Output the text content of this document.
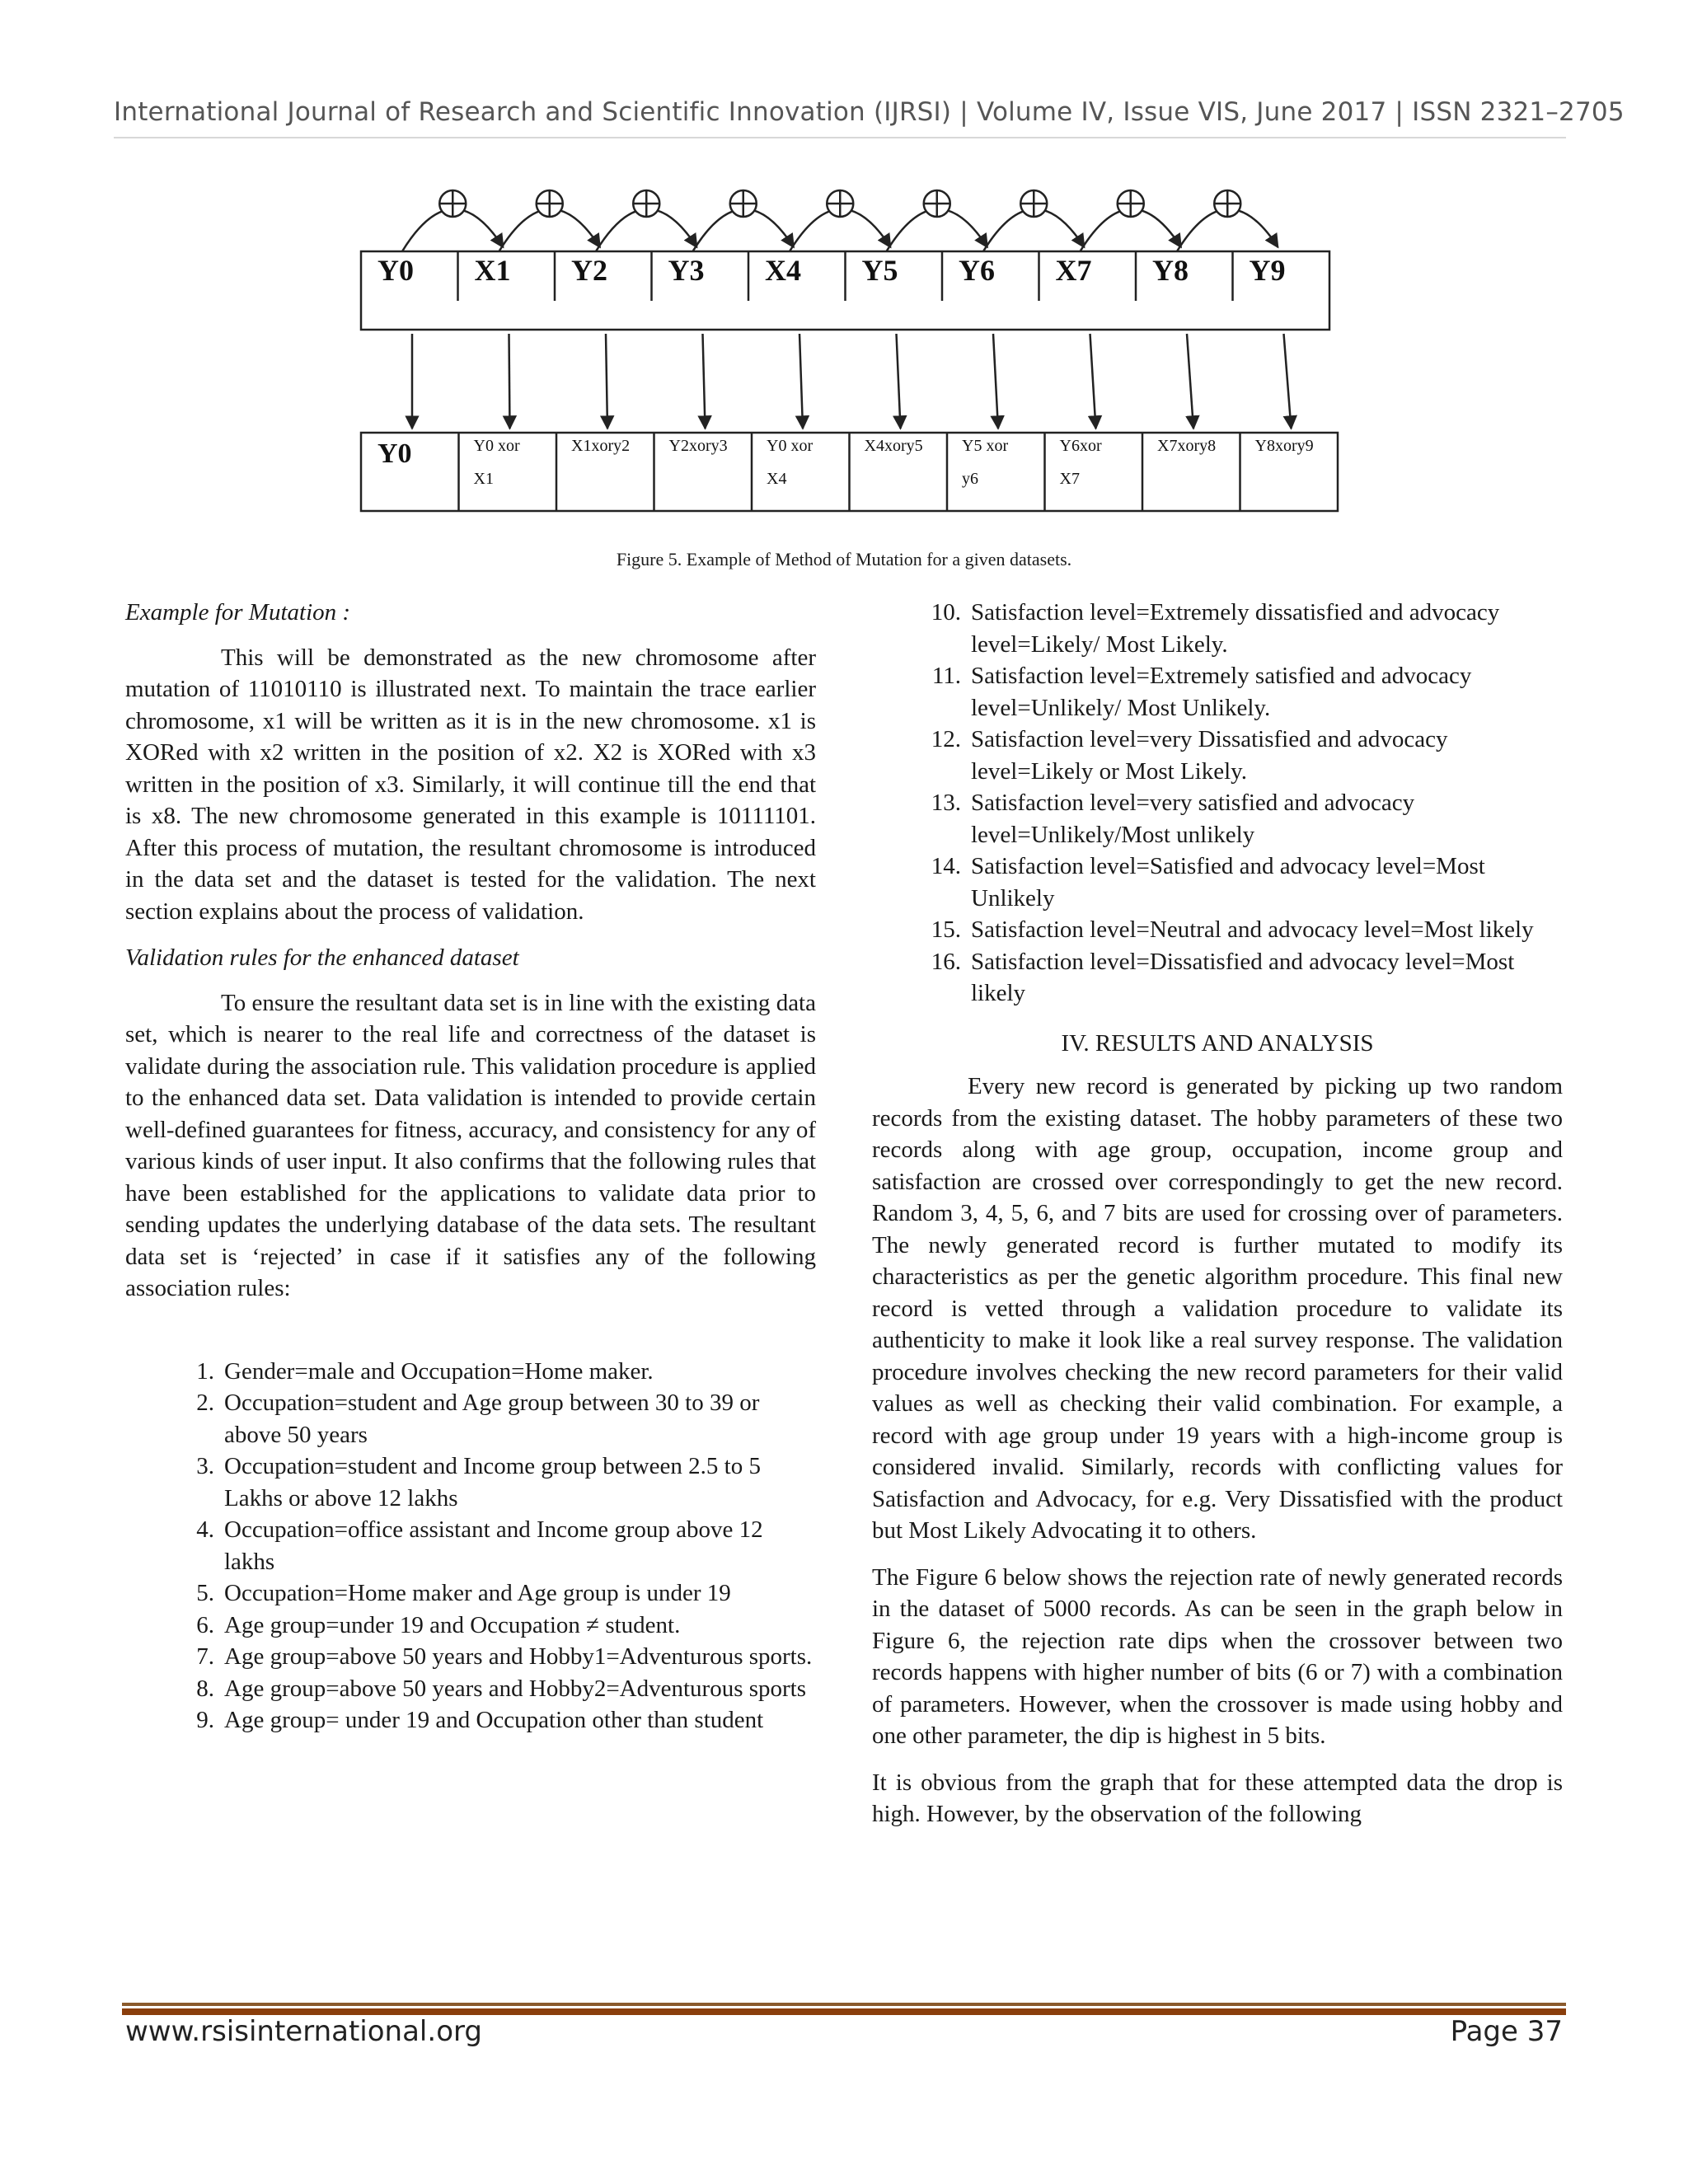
International Journal of Research and Scientific Innovation (IJRSI) | Volume IV, Issue VIS, June 2017 | ISSN 2321–2705
Y0 X1 Y2 Y3 X4 Y5 Y6 X7 Y8 Y9
Y0	Y0 xor
X1
X1xory2 Y2xory3 Y0 xor
X4
X4xory5 Y5 xor
y6
Y6xor
X7
X7xory8 Y8xory9
Figure 5. Example of Method of Mutation for a given datasets.

Example for Mutation :

This will be demonstrated as the new chromosome after mutation of 11010110 is illustrated next. To maintain the trace earlier chromosome, x1 will be written as it is in the new chromosome. x1 is XORed with x2 written in the position of x2. X2 is XORed with x3 written in the position of x3. Similarly, it will continue till the end that is x8. The new chromosome generated in this example is 10111101. After this process of mutation, the resultant chromosome is introduced in the data set and the dataset is tested for the validation. The next section explains about the process of validation.

Validation rules for the enhanced dataset

To ensure the resultant data set is in line with the existing data set, which is nearer to the real life and correctness of the dataset is validate during the association rule. This validation procedure is applied to the enhanced data set. Data validation is intended to provide certain well-defined guarantees for fitness, accuracy, and consistency for any of various kinds of user input. It also confirms that the following rules that have been established for the applications to validate data prior to sending updates the underlying database of the data sets. The resultant data set is ‘rejected’ in case if it satisfies any of the following association rules:

1. Gender=male and Occupation=Home maker.
2. Occupation=student and Age group between 30 to 39 or above 50 years
3. Occupation=student and Income group between 2.5 to 5 Lakhs or above 12 lakhs
4. Occupation=office assistant and Income group above 12 lakhs
5. Occupation=Home maker and Age group is under 19
6. Age group=under 19 and Occupation ≠ student.
7. Age group=above 50 years and Hobby1=Adventurous sports.
8. Age group=above 50 years and Hobby2=Adventurous sports
9. Age group= under 19 and Occupation other than student
10. Satisfaction level=Extremely dissatisfied and advocacy level=Likely/ Most Likely.
11. Satisfaction level=Extremely satisfied and advocacy level=Unlikely/ Most Unlikely.
12. Satisfaction level=very Dissatisfied and advocacy level=Likely or Most Likely.
13. Satisfaction level=very satisfied and advocacy level=Unlikely/Most unlikely
14. Satisfaction level=Satisfied and advocacy level=Most Unlikely
15. Satisfaction level=Neutral and advocacy level=Most likely
16. Satisfaction level=Dissatisfied and advocacy level=Most likely

IV. RESULTS AND ANALYSIS

Every new record is generated by picking up two random records from the existing dataset. The hobby parameters of these two records along with age group, occupation, income group and satisfaction are crossed over correspondingly to get the new record. Random 3, 4, 5, 6, and 7 bits are used for crossing over of parameters. The newly generated record is further mutated to modify its characteristics as per the genetic algorithm procedure. This final new record is vetted through a validation procedure to validate its authenticity to make it look like a real survey response. The validation procedure involves checking the new record parameters for their valid values as well as checking their valid combination. For example, a record with age group under 19 years with a high-income group is considered invalid. Similarly, records with conflicting values for Satisfaction and Advocacy, for e.g. Very Dissatisfied with the product but Most Likely Advocating it to others.

The Figure 6 below shows the rejection rate of newly generated records in the dataset of 5000 records. As can be seen in the graph below in Figure 6, the rejection rate dips when the crossover between two records happens with higher number of bits (6 or 7) with a combination of parameters. However, when the crossover is made using hobby and one other parameter, the dip is highest in 5 bits.

It is obvious from the graph that for these attempted data the drop is high. However, by the observation of the following

www.rsisinternational.org	Page 37
